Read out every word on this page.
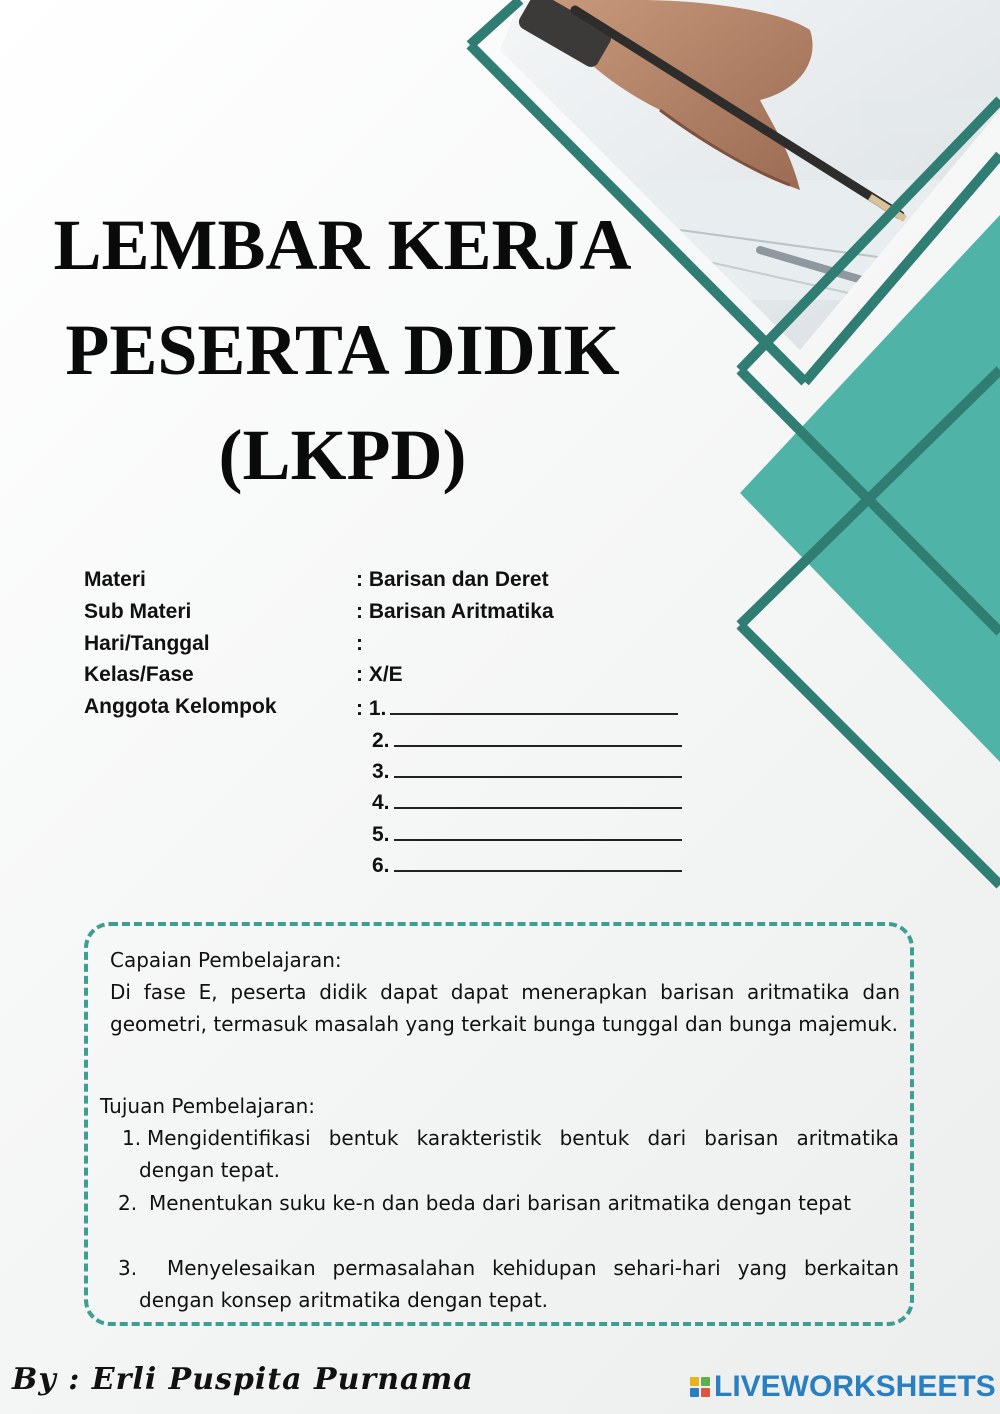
LEMBAR KERJA
PESERTA DIDIK
(LKPD)
Materi	: Barisan dan Deret
Sub Materi	: Barisan Aritmatika
Hari/Tanggal	:
Kelas/Fase	: X/E
Anggota Kelompok	: 1.
2.
3.
4.
5.
6.
Capaian Pembelajaran:
Di fase E, peserta didik dapat dapat menerapkan barisan aritmatika dan geometri, termasuk masalah yang terkait bunga tunggal dan bunga majemuk.
Tujuan Pembelajaran:
1. Mengidentifikasi bentuk karakteristik bentuk dari barisan aritmatika dengan tepat.
2. Menentukan suku ke-n dan beda dari barisan aritmatika dengan tepat
3.	Menyelesaikan permasalahan kehidupan sehari-hari yang berkaitan dengan konsep aritmatika dengan tepat.
By : Erli Puspita Purnama	LIVEWORKSHEETS
